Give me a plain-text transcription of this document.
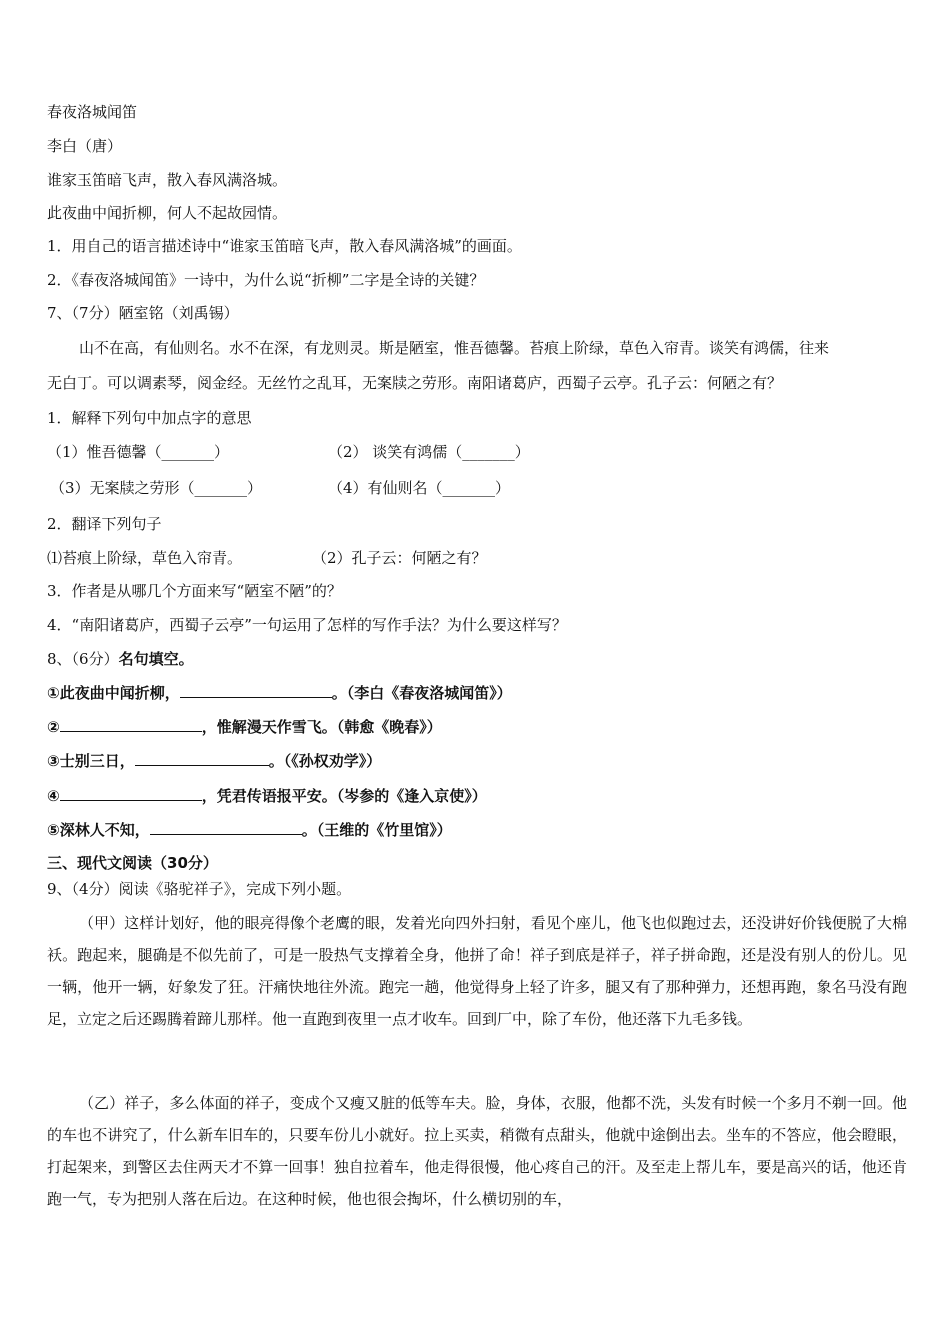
春夜洛城闻笛
李白（唐）
谁家玉笛暗飞声，散入春风满洛城。
此夜曲中闻折柳，何人不起故园情。
1．用自己的语言描述诗中“谁家玉笛暗飞声，散入春风满洛城”的画面。
2．《春夜洛城闻笛》一诗中，为什么说“折柳”二字是全诗的关键？
7、（7分）陋室铭（刘禹锡）
山不在高，有仙则名。水不在深，有龙则灵。斯是陋室，惟吾德馨。苔痕上阶绿，草色入帘青。谈笑有鸿儒，往来
无白丁。可以调素琴，阅金经。无丝竹之乱耳，无案牍之劳形。南阳诸葛庐，西蜀子云亭。孔子云：何陋之有？
1．解释下列句中加点字的意思
（1）惟吾德馨（_______）	（2） 谈笑有鸿儒（_______）
（3）无案牍之劳形（_______）	（4）有仙则名（_______）
2．翻译下列句子
⑴苔痕上阶绿，草色入帘青。	（2）孔子云：何陋之有？
3．作者是从哪几个方面来写“陋室不陋”的？
4．“南阳诸葛庐，西蜀子云亭”一句运用了怎样的写作手法？为什么要这样写？
8、（6分）名句填空。
①此夜曲中闻折柳，	。（李白《春夜洛城闻笛》）
②	，惟解漫天作雪飞。（韩愈《晚春》）
③士别三日，	。（《孙权劝学》）
④	，凭君传语报平安。（岑参的《逢入京使》）
⑤深林人不知，	。（王维的《竹里馆》）
三、现代文阅读（30分）
9、（4分）阅读《骆驼祥子》，完成下列小题。
（甲）这样计划好，他的眼亮得像个老鹰的眼，发着光向四外扫射，看见个座儿，他飞也似跑过去，还没讲好价钱便脱了大棉袄。跑起来，腿确是不似先前了，可是一股热气支撑着全身，他拼了命！祥子到底是祥子，祥子拼命跑，还是没有别人的份儿。见一辆，他开一辆，好象发了狂。汗痛快地往外流。跑完一趟，他觉得身上轻了许多，腿又有了那种弹力，还想再跑，象名马没有跑足，立定之后还踢腾着蹄儿那样。他一直跑到夜里一点才收车。回到厂中，除了车份，他还落下九毛多钱。
（乙）祥子，多么体面的祥子，变成个又瘦又脏的低等车夫。脸，身体，衣服，他都不洗，头发有时候一个多月不剃一回。他的车也不讲究了，什么新车旧车的，只要车份儿小就好。拉上买卖，稍微有点甜头，他就中途倒出去。坐车的不答应，他会瞪眼，打起架来，到警区去住两天才不算一回事！独自拉着车，他走得很慢，他心疼自己的汗。及至走上帮儿车，要是高兴的话，他还肯跑一气，专为把别人落在后边。在这种时候，他也很会掏坏，什么横切别的车，
